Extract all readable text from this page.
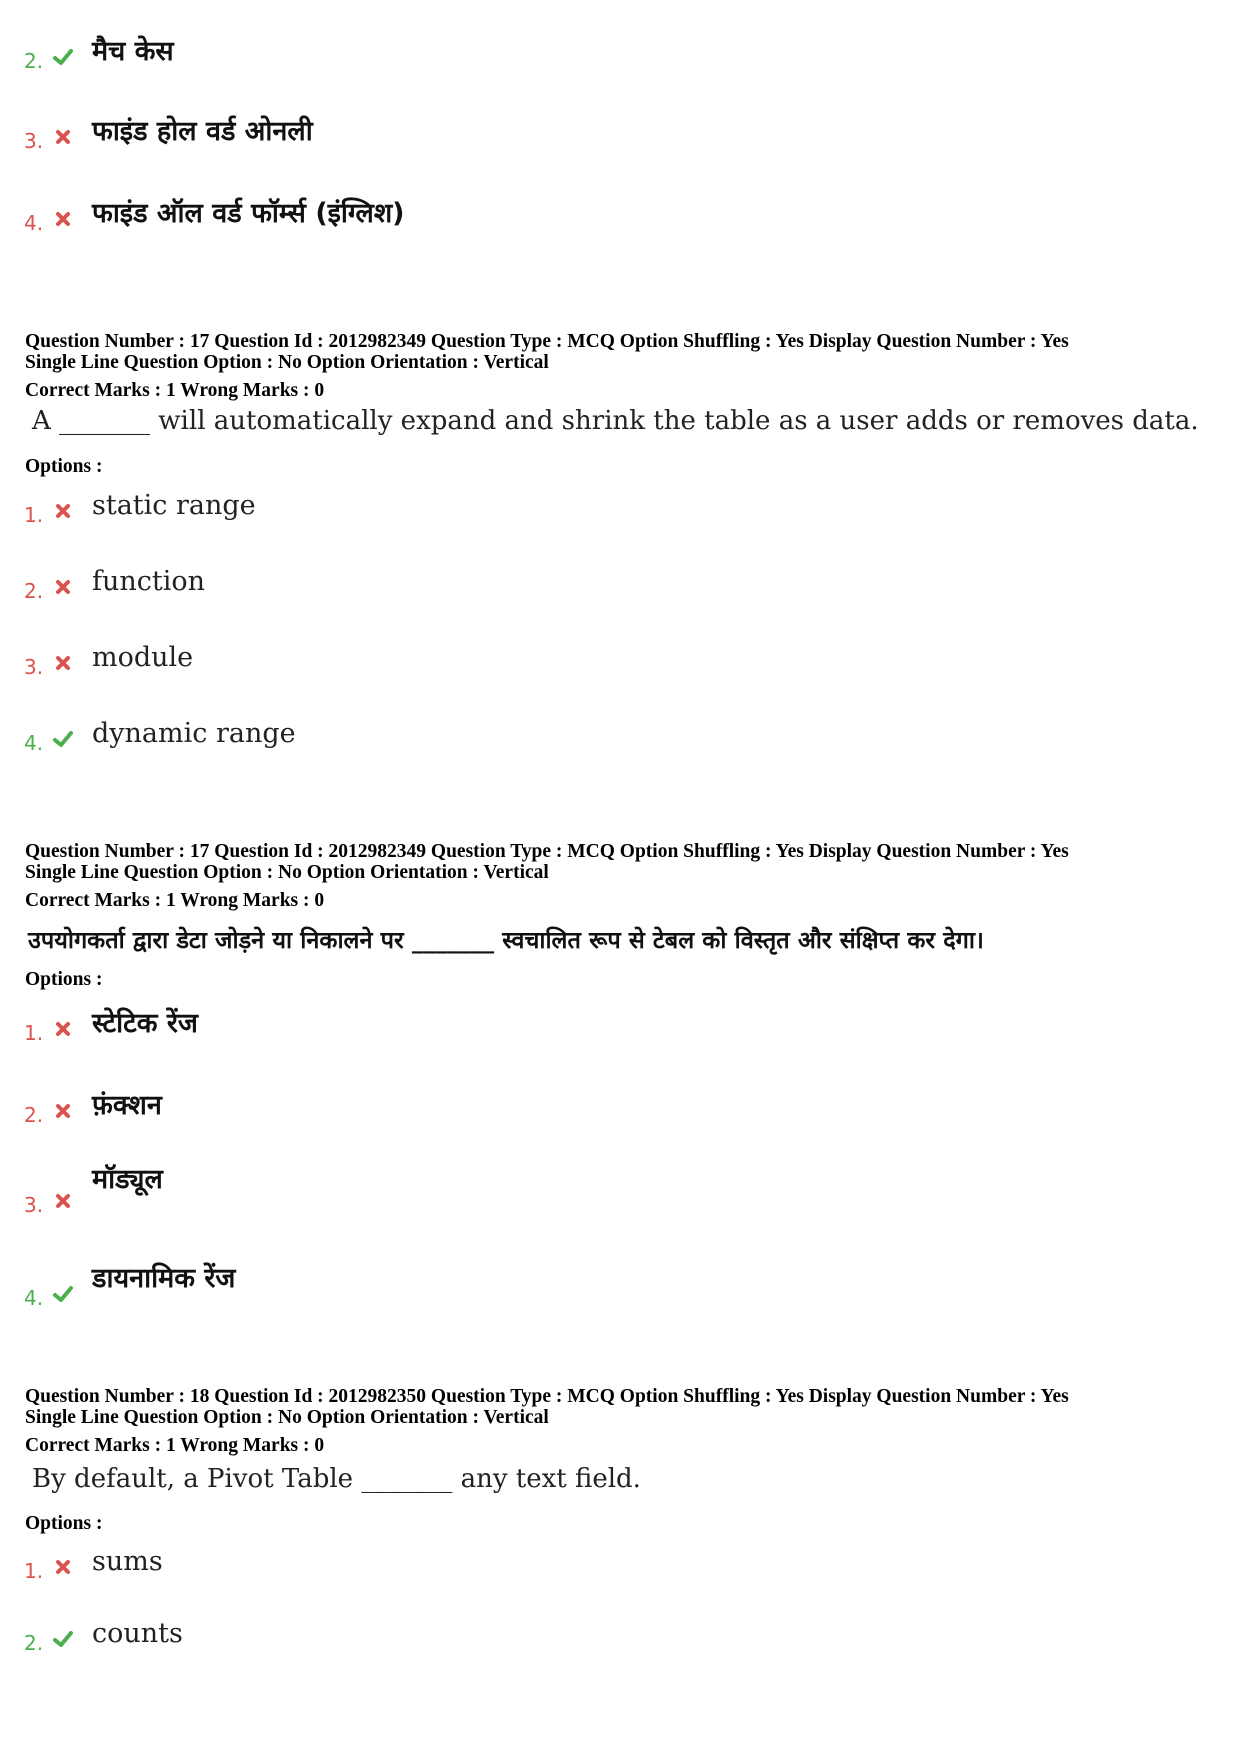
2. मैच केस
3. फाइंड होल वर्ड ओनली
4. फाइंड ऑल वर्ड फॉर्म्स (इंग्लिश)
Question Number : 17 Question Id : 2012982349 Question Type : MCQ Option Shuffling : Yes Display Question Number : Yes
Single Line Question Option : No Option Orientation : Vertical
Correct Marks : 1 Wrong Marks : 0
A _______ will automatically expand and shrink the table as a user adds or removes data.
Options :
1. static range
2. function
3. module
4. dynamic range
Question Number : 17 Question Id : 2012982349 Question Type : MCQ Option Shuffling : Yes Display Question Number : Yes
Single Line Question Option : No Option Orientation : Vertical
Correct Marks : 1 Wrong Marks : 0
उपयोगकर्ता द्वारा डेटा जोड़ने या निकालने पर _______ स्वचालित रूप से टेबल को विस्तृत और संक्षिप्त कर देगा।
Options :
1. स्टेटिक रेंज
2. फ़ंक्शन
3.
मॉड्यूल
4.
डायनामिक रेंज
Question Number : 18 Question Id : 2012982350 Question Type : MCQ Option Shuffling : Yes Display Question Number : Yes
Single Line Question Option : No Option Orientation : Vertical
Correct Marks : 1 Wrong Marks : 0
By default, a Pivot Table _______ any text field.
Options :
1. sums
2. counts
